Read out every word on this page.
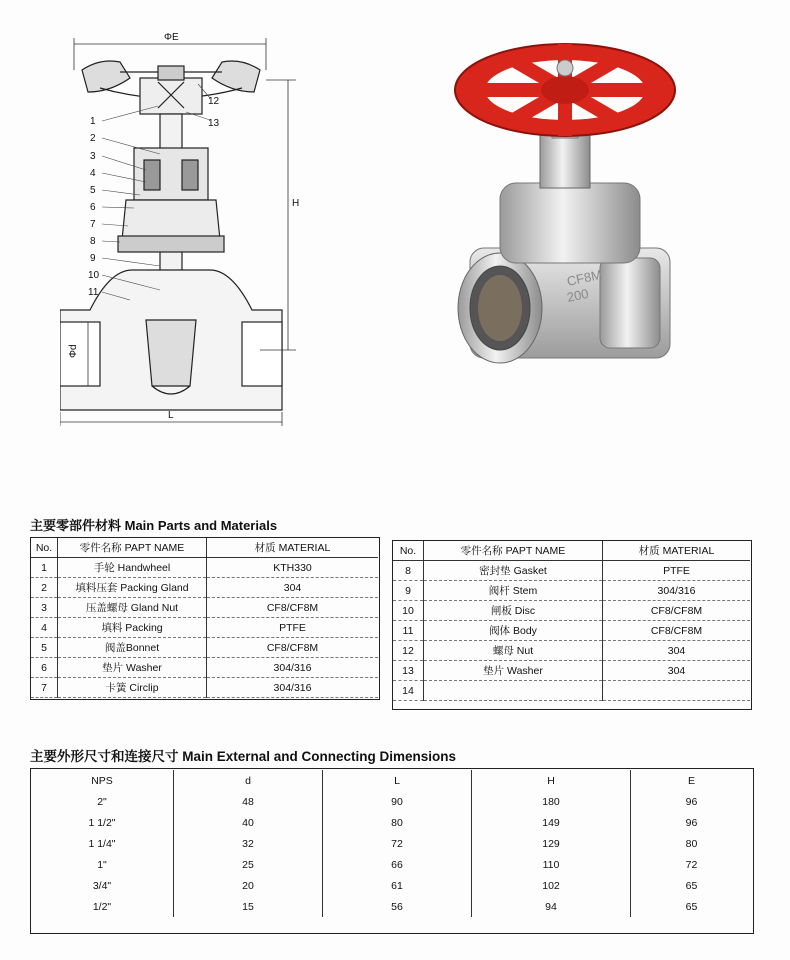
ΦE
H
Φd
L
1
2
3
4
5
6
7
8
9
10
11
12
13
CF8M
200
主要零部件材料 Main Parts and Materials
No.	零件名称 PAPT NAME	材质 MATERIAL
1	手轮 Handwheel	KTH330
2	填料压套 Packing Gland	304
3	压盖螺母 Gland Nut	CF8/CF8M
4	填料 Packing	PTFE
5	阀盖Bonnet	CF8/CF8M
6	垫片 Washer	304/316
7	卡簧 Circlip	304/316
No.	零件名称 PAPT NAME	材质 MATERIAL
8	密封垫 Gasket	PTFE
9	阀杆 Stem	304/316
10	闸板 Disc	CF8/CF8M
11	阀体 Body	CF8/CF8M
12	螺母 Nut	304
13	垫片 Washer	304
14		
主要外形尺寸和连接尺寸 Main External and Connecting Dimensions
NPS	d	L	H	E
2"	48	90	180	96
1 1/2"	40	80	149	96
1 1/4"	32	72	129	80
1"	25	66	110	72
3/4"	20	61	102	65
1/2"	15	56	94	65
